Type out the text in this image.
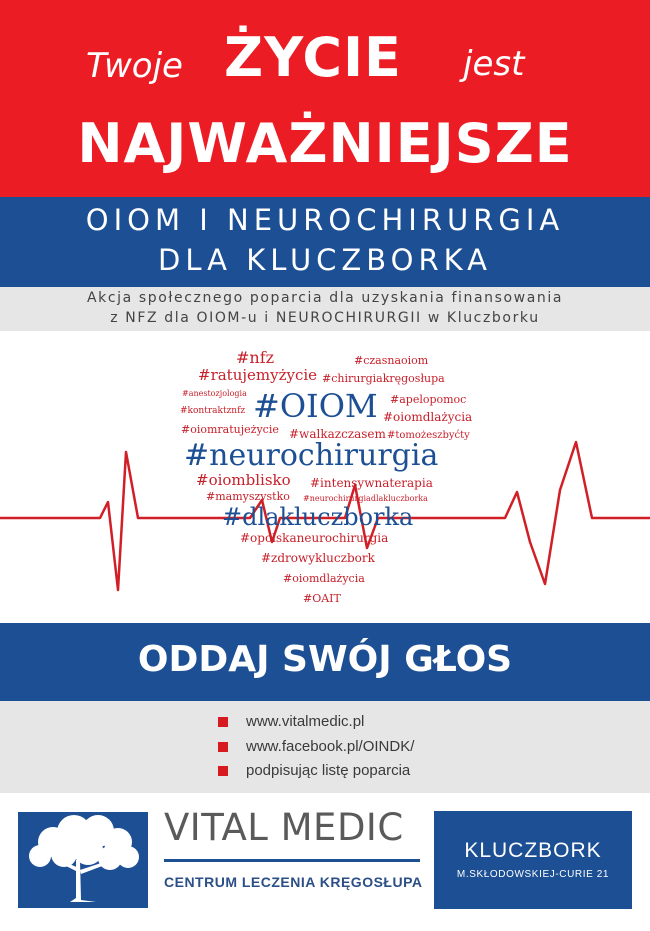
Twoje ŻYCIE jest
NAJWAŻNIEJSZE
OIOM I NEUROCHIRURGIA
DLA KLUCZBORKA
Akcja społecznego poparcia dla uzyskania finansowania
z NFZ dla OIOM-u i NEUROCHIRURGII w Kluczborku
#nfz	#czasnaoiom
#ratujemyżycie #chirurgiakręgosłupa
#anestozjologia	#apelopomoc
#kontraktznfz #OIOM #oiomdlażycia
#oiomratujeżycie #walkazczasem #tomożeszbyćty
#neurochirurgia
#oiomblisko #intensywnaterapia
#mamyszystko #neurochirurgiadlakluczborka
#dlakluczborka
#opolskaneurochirurgia
#zdrowykluczbork
#oiomdlażycia
#OAIT
ODDAJ SWÓJ GŁOS
www.vitalmedic.pl
www.facebook.pl/OINDK/
podpisując listę poparcia
VITAL MEDIC
CENTRUM LECZENIA KRĘGOSŁUPA
KLUCZBORK
M.SKŁODOWSKIEJ-CURIE 21
